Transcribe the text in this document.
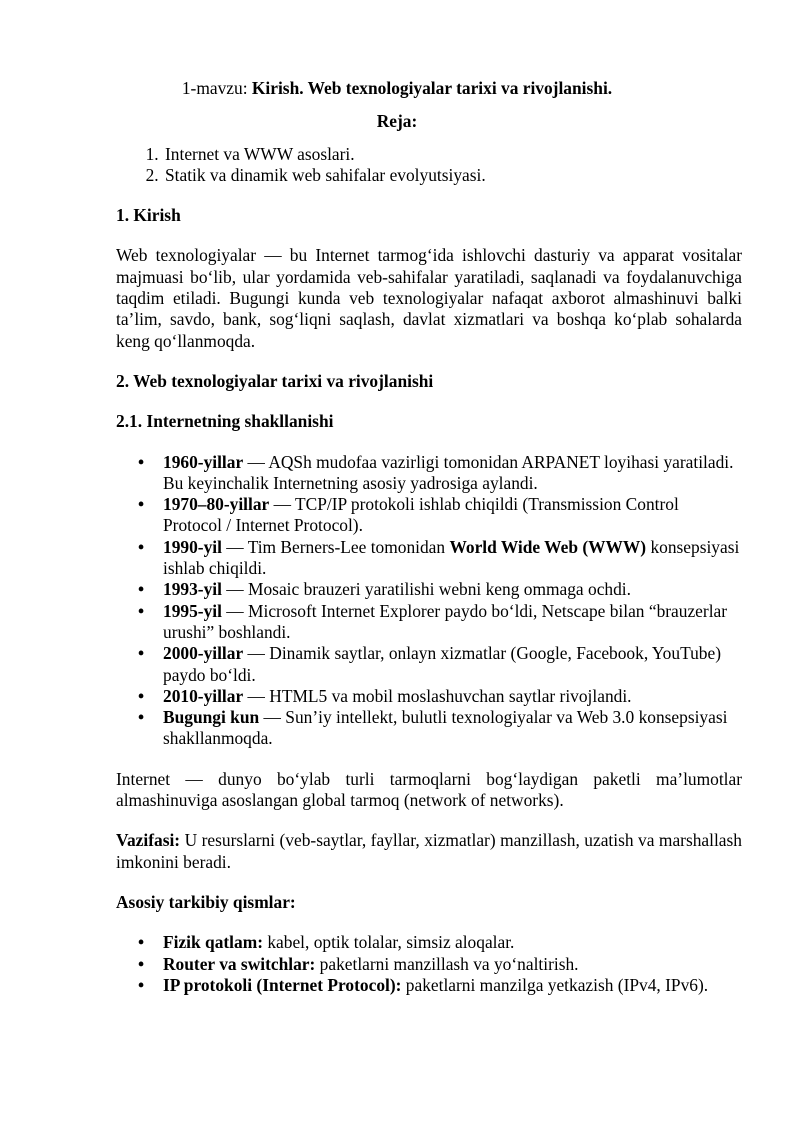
1-mavzu: Kirish. Web texnologiyalar tarixi va rivojlanishi.
Reja:
1. Internet va WWW asoslari.
2. Statik va dinamik web sahifalar evolyutsiyasi.
1. Kirish

Web texnologiyalar — bu Internet tarmog‘ida ishlovchi dasturiy va apparat vositalar majmuasi bo‘lib, ular yordamida veb-sahifalar yaratiladi, saqlanadi va foydalanuvchiga taqdim etiladi. Bugungi kunda veb texnologiyalar nafaqat axborot almashinuvi balki ta’lim, savdo, bank, sog‘liqni saqlash, davlat xizmatlari va boshqa ko‘plab sohalarda keng qo‘llanmoqda.

2. Web texnologiyalar tarixi va rivojlanishi
2.1. Internetning shakllanishi
• 1960-yillar — AQSh mudofaa vazirligi tomonidan ARPANET loyihasi yaratiladi. Bu keyinchalik Internetning asosiy yadrosiga aylandi.
• 1970–80-yillar — TCP/IP protokoli ishlab chiqildi (Transmission Control Protocol / Internet Protocol).
• 1990-yil — Tim Berners-Lee tomonidan World Wide Web (WWW) konsepsiyasi ishlab chiqildi.
• 1993-yil — Mosaic brauzeri yaratilishi webni keng ommaga ochdi.
• 1995-yil — Microsoft Internet Explorer paydo bo‘ldi, Netscape bilan “brauzerlar urushi” boshlandi.
• 2000-yillar — Dinamik saytlar, onlayn xizmatlar (Google, Facebook, YouTube) paydo bo‘ldi.
• 2010-yillar — HTML5 va mobil moslashuvchan saytlar rivojlandi.
• Bugungi kun — Sun’iy intellekt, bulutli texnologiyalar va Web 3.0 konsepsiyasi shakllanmoqda.

Internet — dunyo bo‘ylab turli tarmoqlarni bog‘laydigan paketli ma’lumotlar almashinuviga asoslangan global tarmoq (network of networks).

Vazifasi: U resurslarni (veb-saytlar, fayllar, xizmatlar) manzillash, uzatish va marshallash imkonini beradi.

Asosiy tarkibiy qismlar:
• Fizik qatlam: kabel, optik tolalar, simsiz aloqalar.
• Router va switchlar: paketlarni manzillash va yo‘naltirish.
• IP protokoli (Internet Protocol): paketlarni manzilga yetkazish (IPv4, IPv6).
